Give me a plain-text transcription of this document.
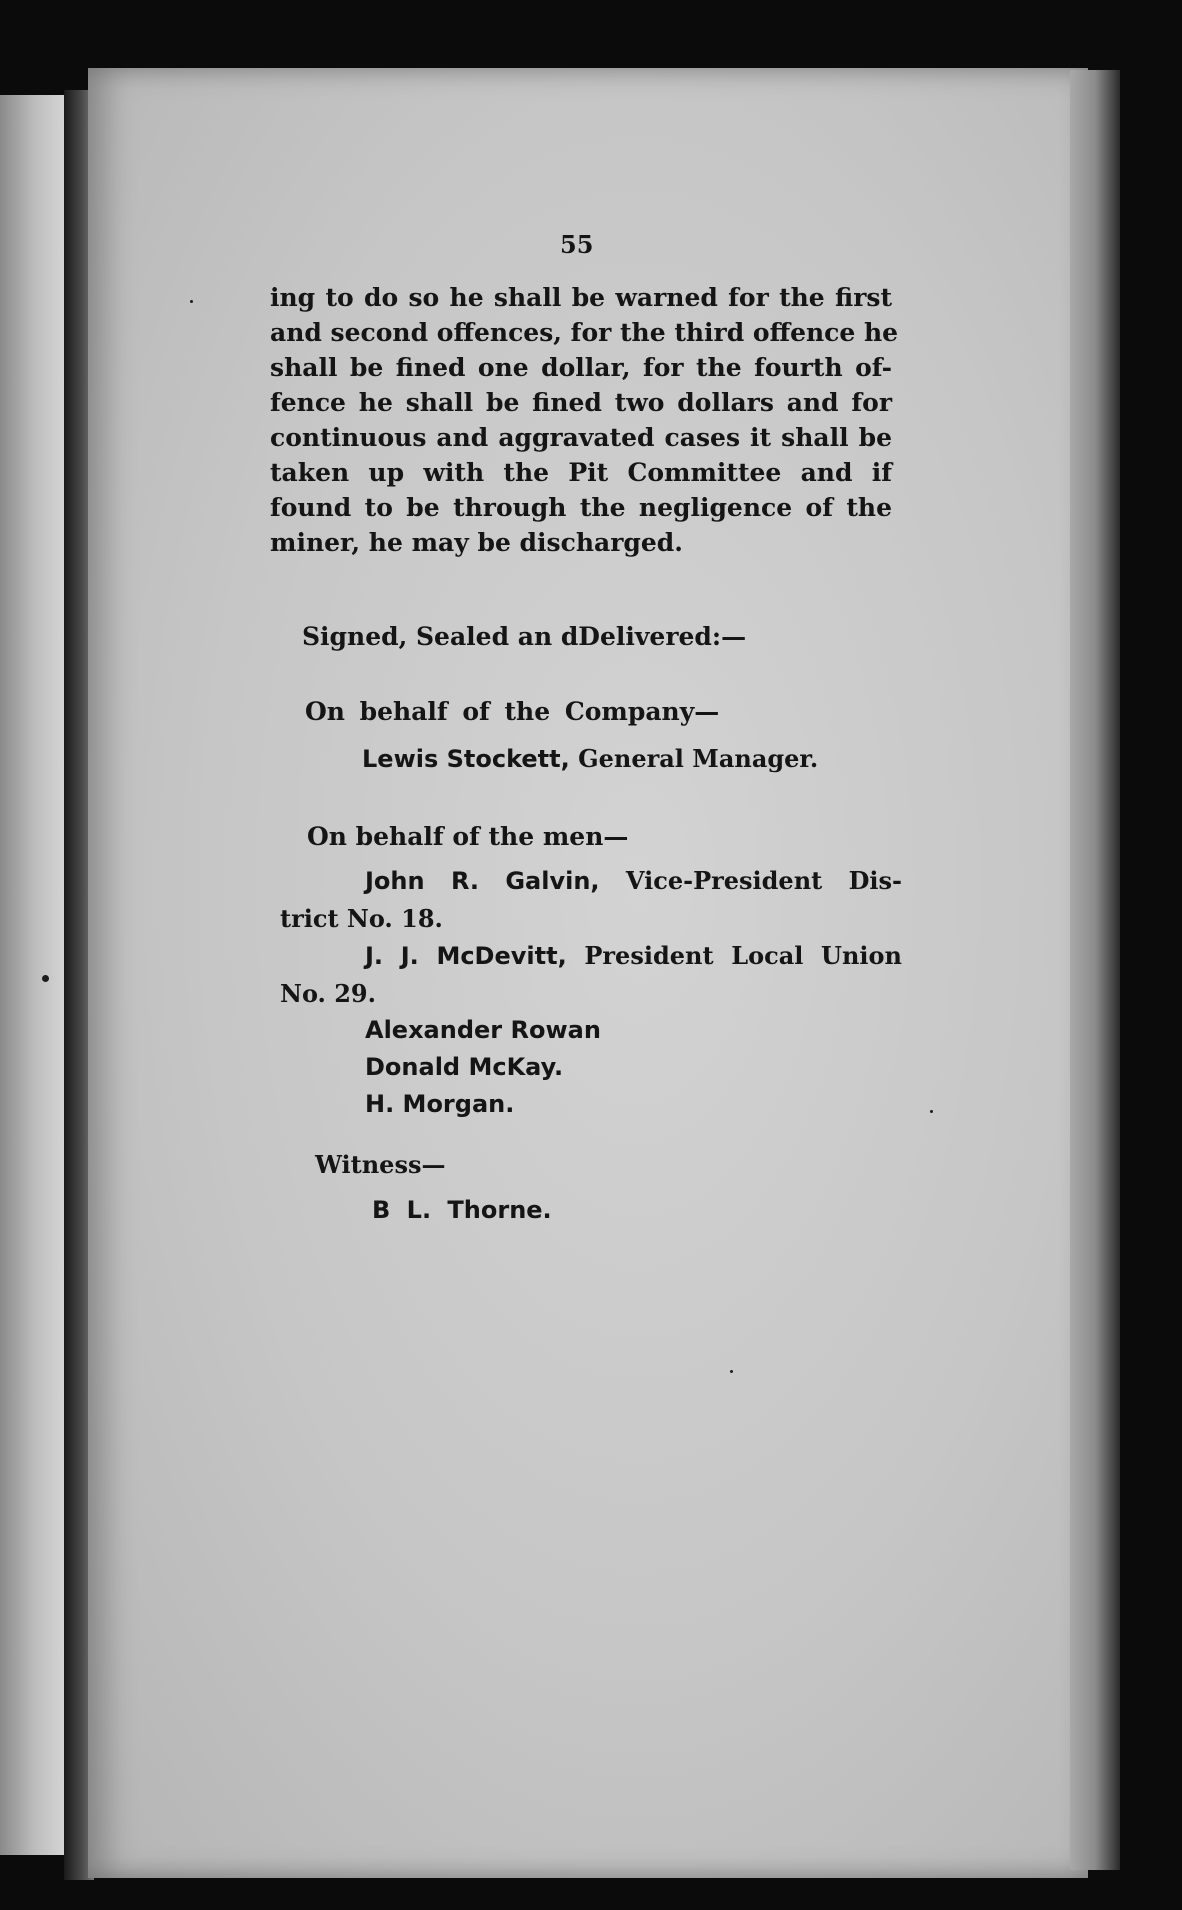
55
ing to do so he shall be warned for the first
and second offences, for the third offence he
shall be fined one dollar, for the fourth of-
fence he shall be fined two dollars and for
continuous and aggravated cases it shall be
taken up with the Pit Committee and if
found to be through the negligence of the
miner, he may be discharged.
Signed, Sealed an dDelivered:—
On behalf of the Company—
Lewis Stockett, General Manager.
On behalf of the men—
John R. Galvin, Vice-President Dis-
trict No. 18.
J. J. McDevitt, President Local Union
No. 29.
Alexander Rowan
Donald McKay.
H. Morgan.
Witness—
B L. Thorne.
